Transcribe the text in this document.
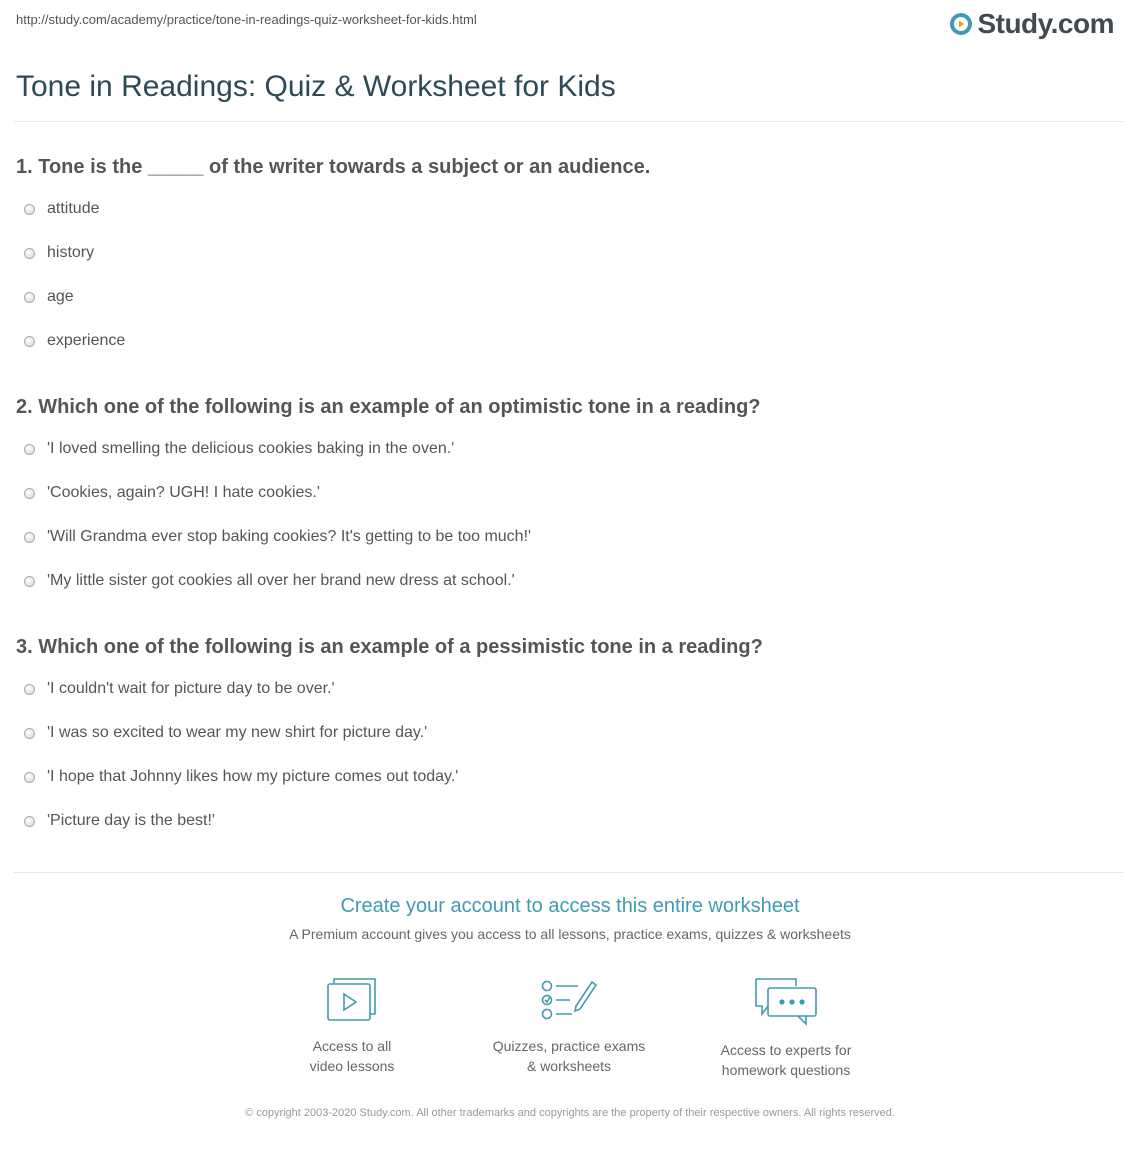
http://study.com/academy/practice/tone-in-readings-quiz-worksheet-for-kids.html	Study.com
Tone in Readings: Quiz & Worksheet for Kids
1. Tone is the _____ of the writer towards a subject or an audience.
attitude
history
age
experience
2. Which one of the following is an example of an optimistic tone in a reading?
'I loved smelling the delicious cookies baking in the oven.'
'Cookies, again? UGH! I hate cookies.'
'Will Grandma ever stop baking cookies? It's getting to be too much!'
'My little sister got cookies all over her brand new dress at school.'
3. Which one of the following is an example of a pessimistic tone in a reading?
'I couldn't wait for picture day to be over.'
'I was so excited to wear my new shirt for picture day.'
'I hope that Johnny likes how my picture comes out today.'
'Picture day is the best!'
Create your account to access this entire worksheet
A Premium account gives you access to all lessons, practice exams, quizzes & worksheets
Access to all
video lessons
Quizzes, practice exams
& worksheets
Access to experts for
homework questions
© copyright 2003-2020 Study.com. All other trademarks and copyrights are the property of their respective owners. All rights reserved.
